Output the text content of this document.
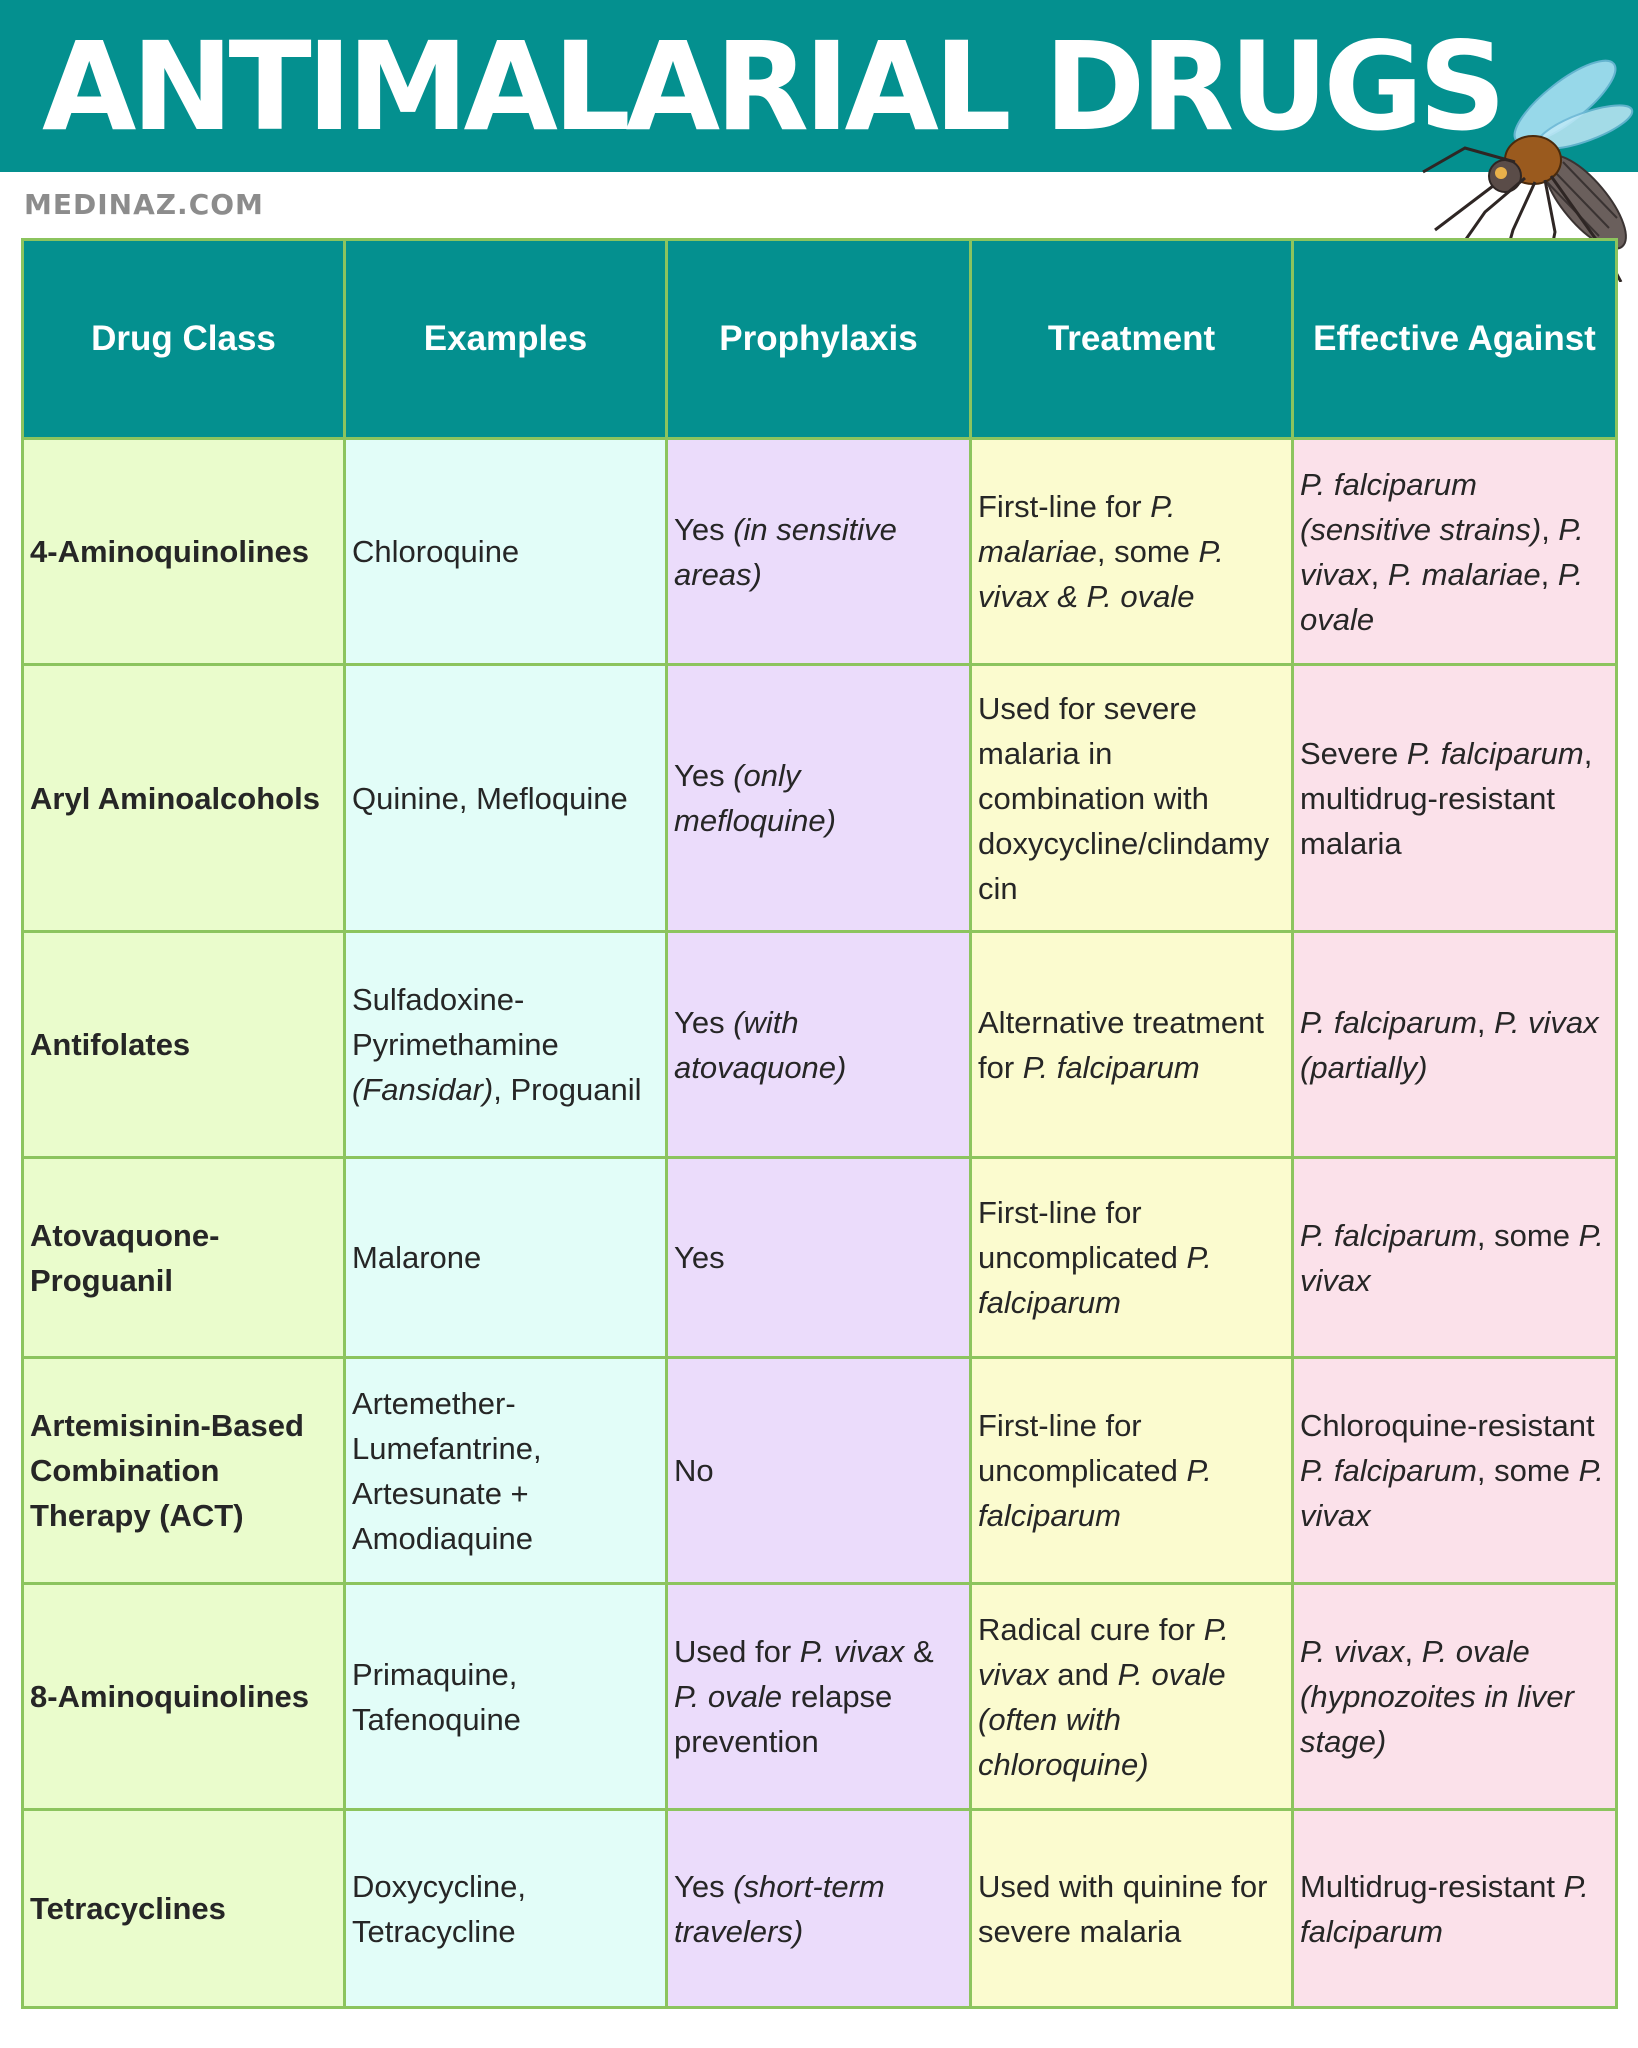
ANTIMALARIAL DRUGS
MEDINAZ.COM
Drug Class	Examples	Prophylaxis	Treatment	Effective Against
4-Aminoquinolines	Chloroquine	Yes (in sensitive areas)	First-line for P. malariae, some P. vivax & P. ovale	P. falciparum (sensitive strains), P. vivax, P. malariae, P. ovale
Aryl Aminoalcohols	Quinine, Mefloquine	Yes (only mefloquine)	Used for severe malaria in combination with doxycycline/clindamy cin	Severe P. falciparum, multidrug-resistant malaria
Antifolates	Sulfadoxine-Pyrimethamine (Fansidar), Proguanil	Yes (with atovaquone)	Alternative treatment for P. falciparum	P. falciparum, P. vivax (partially)
Atovaquone-Proguanil	Malarone	Yes	First-line for uncomplicated P. falciparum	P. falciparum, some P. vivax
Artemisinin-Based Combination Therapy (ACT)	Artemether-Lumefantrine, Artesunate + Amodiaquine	No	First-line for uncomplicated P. falciparum	Chloroquine-resistant P. falciparum, some P. vivax
8-Aminoquinolines	Primaquine, Tafenoquine	Used for P. vivax & P. ovale relapse prevention	Radical cure for P. vivax and P. ovale (often with chloroquine)	P. vivax, P. ovale (hypnozoites in liver stage)
Tetracyclines	Doxycycline, Tetracycline	Yes (short-term travelers)	Used with quinine for severe malaria	Multidrug-resistant P. falciparum
